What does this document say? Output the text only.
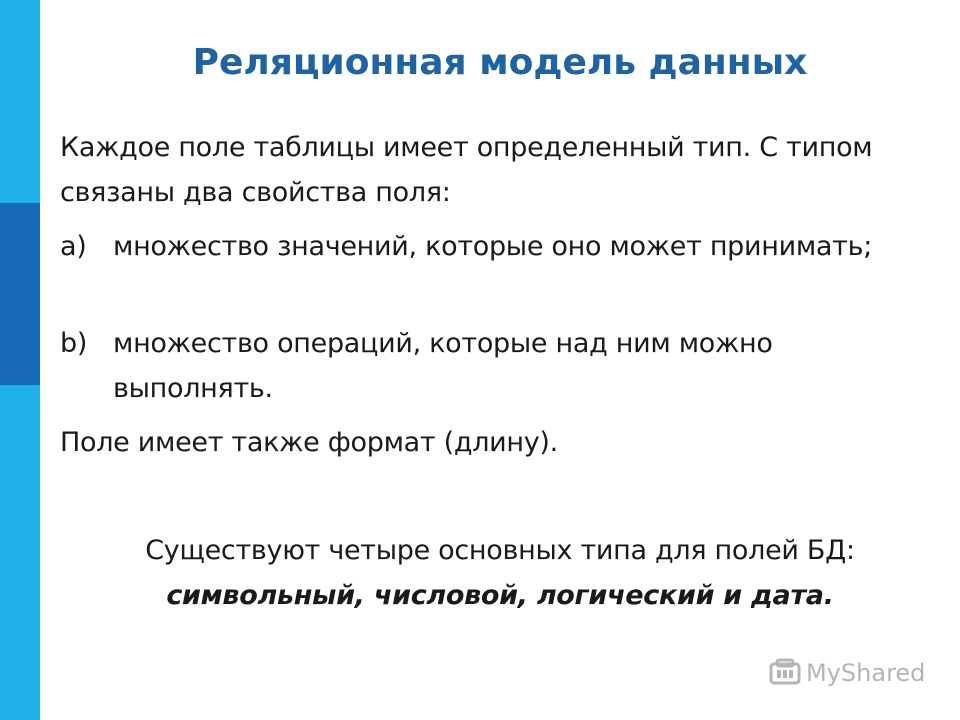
Реляционная модель данных
Каждое поле таблицы имеет определенный тип. С типом связаны два свойства поля:
a) множество значений, которые оно может принимать;
b) множество операций, которые над ним можно выполнять.
Поле имеет также формат (длину).
Существуют четыре основных типа для полей БД:
символьный, числовой, логический и дата.
MyShared
